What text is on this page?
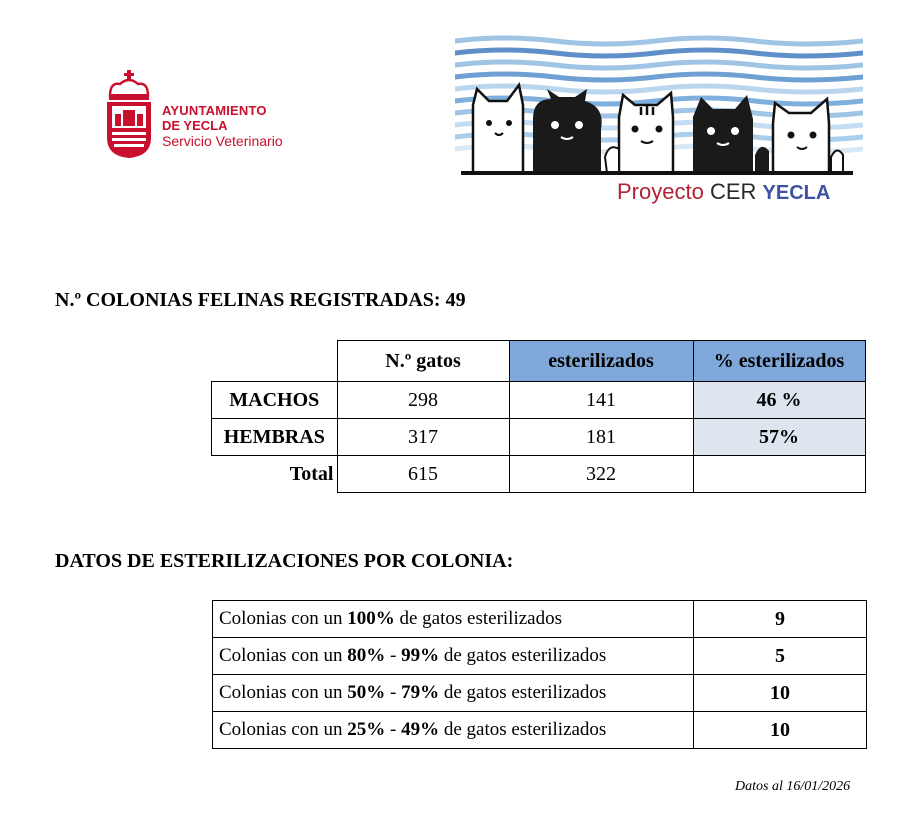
AYUNTAMIENTO
DE YECLA
Servicio Veterinario
Proyecto CER YECLA
N.º COLONIAS FELINAS REGISTRADAS: 49
	N.º gatos	esterilizados	% esterilizados
MACHOS	298	141	46 %
HEMBRAS	317	181	57%
Total	615	322	
DATOS DE ESTERILIZACIONES POR COLONIA:
Colonias con un 100% de gatos esterilizados	9
Colonias con un 80% - 99% de gatos esterilizados	5
Colonias con un 50% - 79% de gatos esterilizados	10
Colonias con un 25% - 49% de gatos esterilizados	10
Datos al 16/01/2026
